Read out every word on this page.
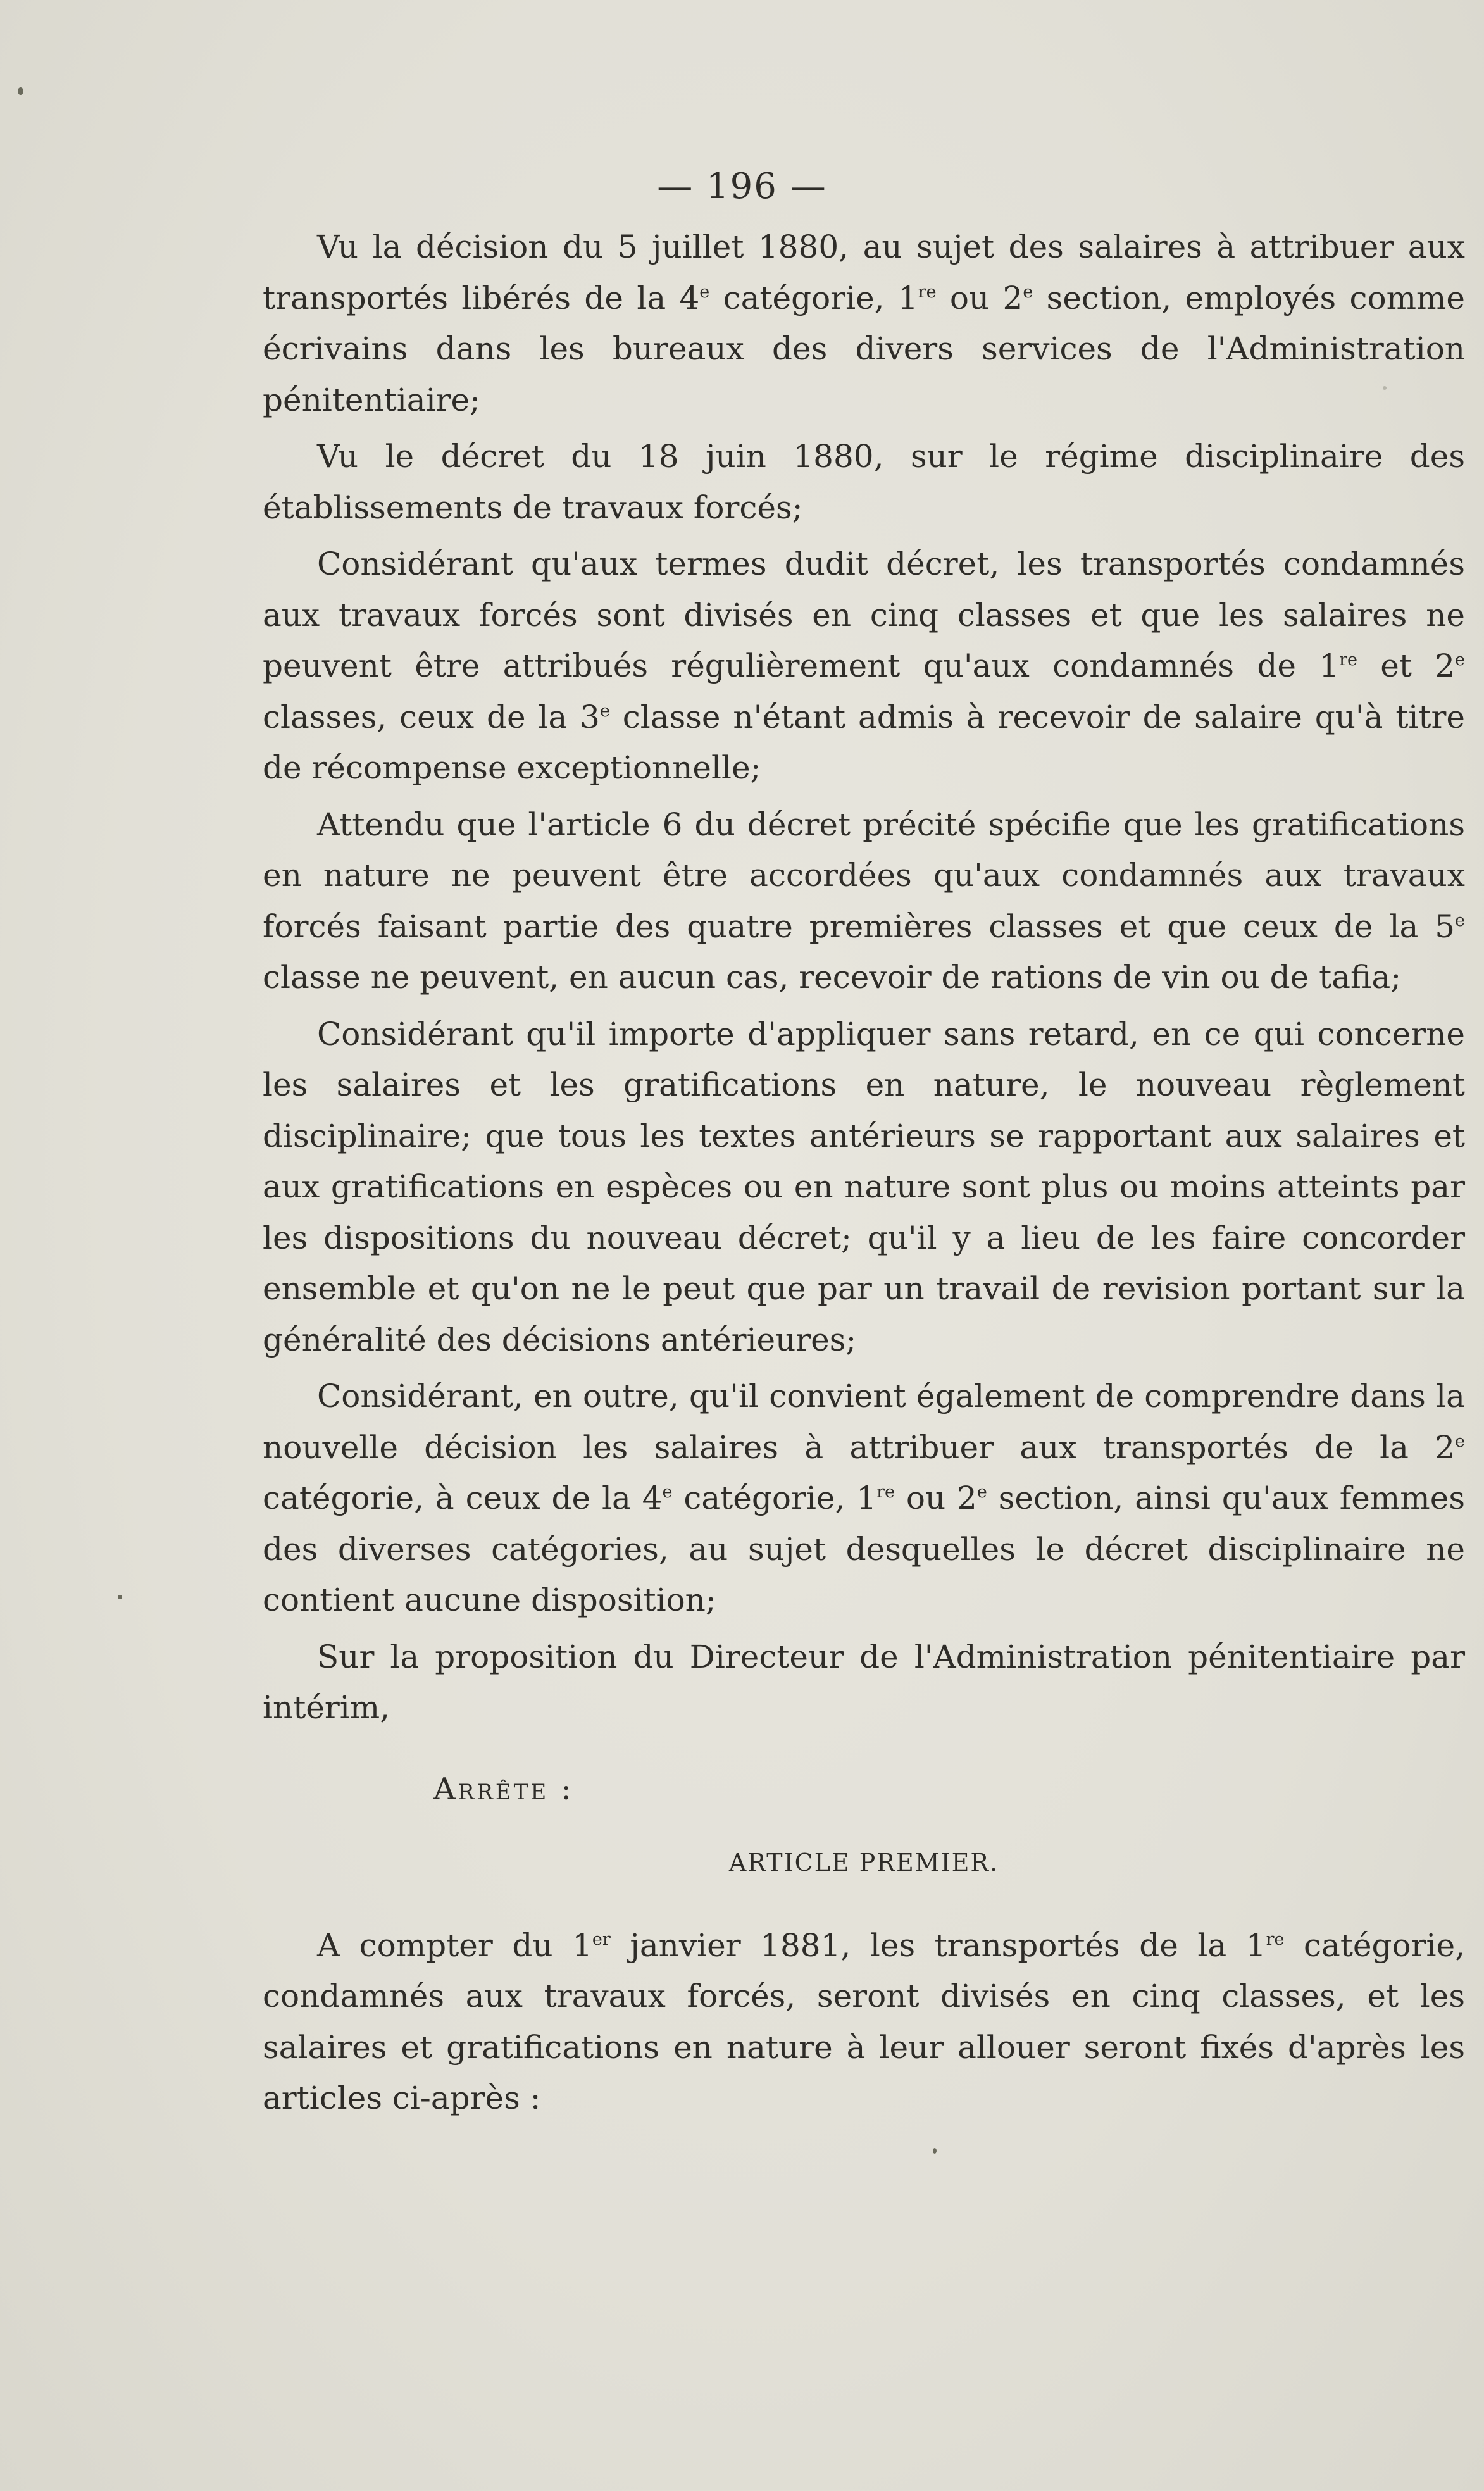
— 196 —

Vu la décision du 5 juillet 1880, au sujet des salaires à attribuer aux transportés libérés de la 4e catégorie, 1re ou 2e section, employés comme écrivains dans les bureaux des divers services de l'Administration pénitentiaire;

Vu le décret du 18 juin 1880, sur le régime disciplinaire des établissements de travaux forcés;

Considérant qu'aux termes dudit décret, les transportés condamnés aux travaux forcés sont divisés en cinq classes et que les salaires ne peuvent être attribués régulièrement qu'aux condamnés de 1re et 2e classes, ceux de la 3e classe n'étant admis à recevoir de salaire qu'à titre de récompense exceptionnelle;

Attendu que l'article 6 du décret précité spécifie que les gratifications en nature ne peuvent être accordées qu'aux condamnés aux travaux forcés faisant partie des quatre premières classes et que ceux de la 5e classe ne peuvent, en aucun cas, recevoir de rations de vin ou de tafia;

Considérant qu'il importe d'appliquer sans retard, en ce qui concerne les salaires et les gratifications en nature, le nouveau règlement disciplinaire; que tous les textes antérieurs se rapportant aux salaires et aux gratifications en espèces ou en nature sont plus ou moins atteints par les dispositions du nouveau décret; qu'il y a lieu de les faire concorder ensemble et qu'on ne le peut que par un travail de revision portant sur la généralité des décisions antérieures;

Considérant, en outre, qu'il convient également de comprendre dans la nouvelle décision les salaires à attribuer aux transportés de la 2e catégorie, à ceux de la 4e catégorie, 1re ou 2e section, ainsi qu'aux femmes des diverses catégories, au sujet desquelles le décret disciplinaire ne contient aucune disposition;

Sur la proposition du Directeur de l'Administration pénitentiaire par intérim,

Arrête :
ARTICLE PREMIER.

A compter du 1er janvier 1881, les transportés de la 1re catégorie, condamnés aux travaux forcés, seront divisés en cinq classes, et les salaires et gratifications en nature à leur allouer seront fixés d'après les articles ci-après :
